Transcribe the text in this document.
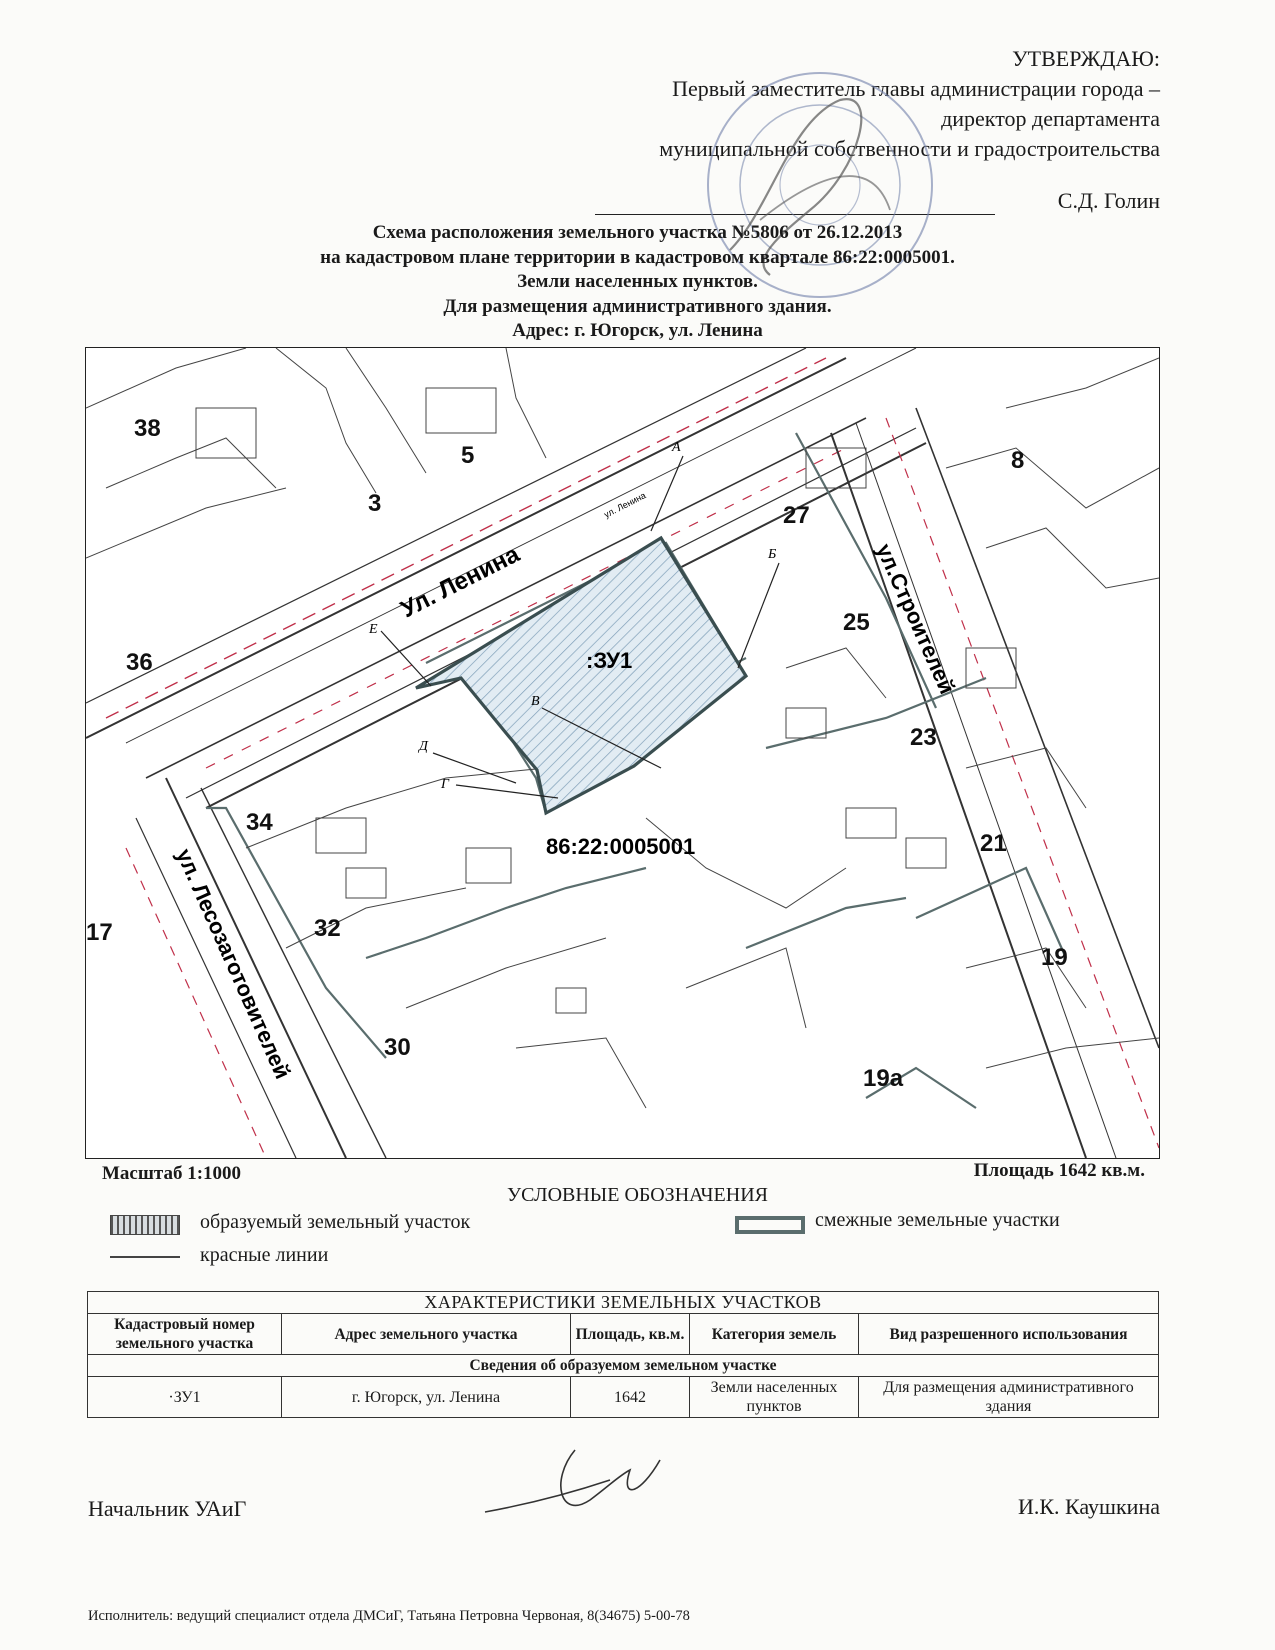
УТВЕРЖДАЮ:
Первый заместитель главы администрации города –
директор департамента
муниципальной собственности и градостроительства
С.Д. Голин
Схема расположения земельного участка №5806 от 26.12.2013
на кадастровом плане территории в кадастровом квартале 86:22:0005001.
Земли населенных пунктов.
Для размещения административного здания.
Адрес: г. Югорск, ул. Ленина
А
Б
В
Г
Д
Е
Ул. Ленина
ул. Ленина
ул.Строителей
ул. Лесозаготовителей
:ЗУ1
86:22:0005001
38
5
3
8
27
36
25
23
34
21
32
17
19
30
19а
Масштаб 1:1000	Площадь 1642 кв.м.
УСЛОВНЫЕ ОБОЗНАЧЕНИЯ
образуемый земельный участок	смежные земельные участки
красные линии
ХАРАКТЕРИСТИКИ ЗЕМЕЛЬНЫХ УЧАСТКОВ				
Кадастровый номер земельного участка	Адрес земельного участка	Площадь, кв.м.	Категория земель	Вид разрешенного использования
Сведения об образуемом земельном участке				
·ЗУ1	г. Югорск, ул. Ленина	1642	Земли населенных пунктов	Для размещения административного здания
Начальник УАиГ	И.К. Каушкина
Исполнитель: ведущий специалист отдела ДМСиГ, Татьяна Петровна Червоная, 8(34675) 5-00-78
